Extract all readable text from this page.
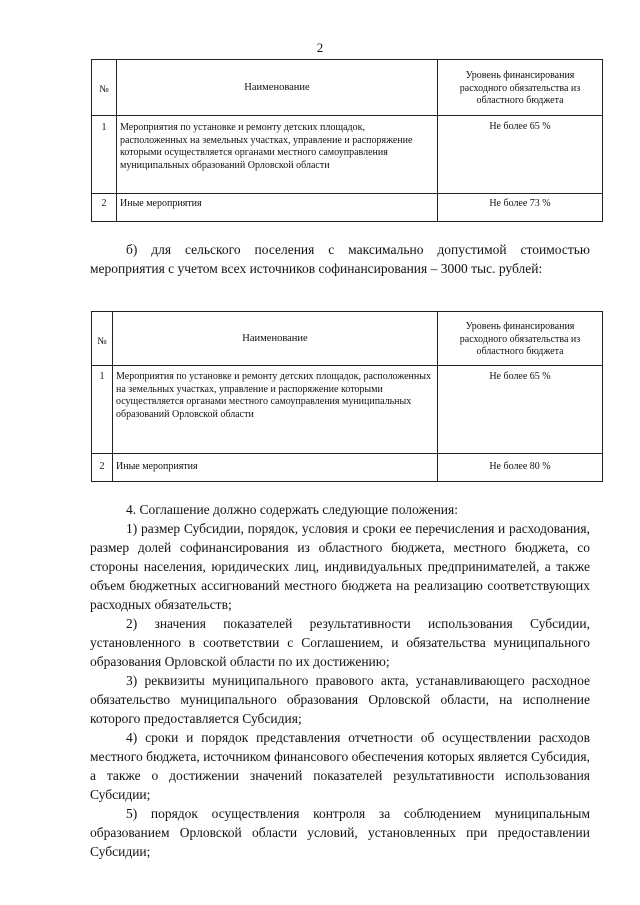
2
№	Наименование	Уровень финансирования расходного обязательства из областного бюджета
1	Мероприятия по установке и ремонту детских площадок, расположенных на земельных участках, управление и распоряжение которыми осуществляется органами местного самоуправления муниципальных образований Орловской области	Не более 65 %
2	Иные мероприятия	Не более 73 %

б) для сельского поселения с максимально допустимой стоимостью мероприятия с учетом всех источников софинансирования – 3000 тыс. рублей:

№	Наименование	Уровень финансирования расходного обязательства из областного бюджета
1	Мероприятия по установке и ремонту детских площадок, расположенных на земельных участках, управление и распоряжение которыми осуществляется органами местного самоуправления муниципальных образований Орловской области	Не более 65 %
2	Иные мероприятия	Не более 80 %

4. Соглашение должно содержать следующие положения:

1) размер Субсидии, порядок, условия и сроки ее перечисления и расходования, размер долей софинансирования из областного бюджета, местного бюджета, со стороны населения, юридических лиц, индивидуальных предпринимателей, а также объем бюджетных ассигнований местного бюджета на реализацию соответствующих расходных обязательств;

2) значения показателей результативности использования Субсидии, установленного в соответствии с Соглашением, и обязательства муниципального образования Орловской области по их достижению;

3) реквизиты муниципального правового акта, устанавливающего расходное обязательство муниципального образования Орловской области, на исполнение которого предоставляется Субсидия;

4) сроки и порядок представления отчетности об осуществлении расходов местного бюджета, источником финансового обеспечения которых является Субсидия, а также о достижении значений показателей результативности использования Субсидии;

5) порядок осуществления контроля за соблюдением муниципальным образованием Орловской области условий, установленных при предоставлении Субсидии;
